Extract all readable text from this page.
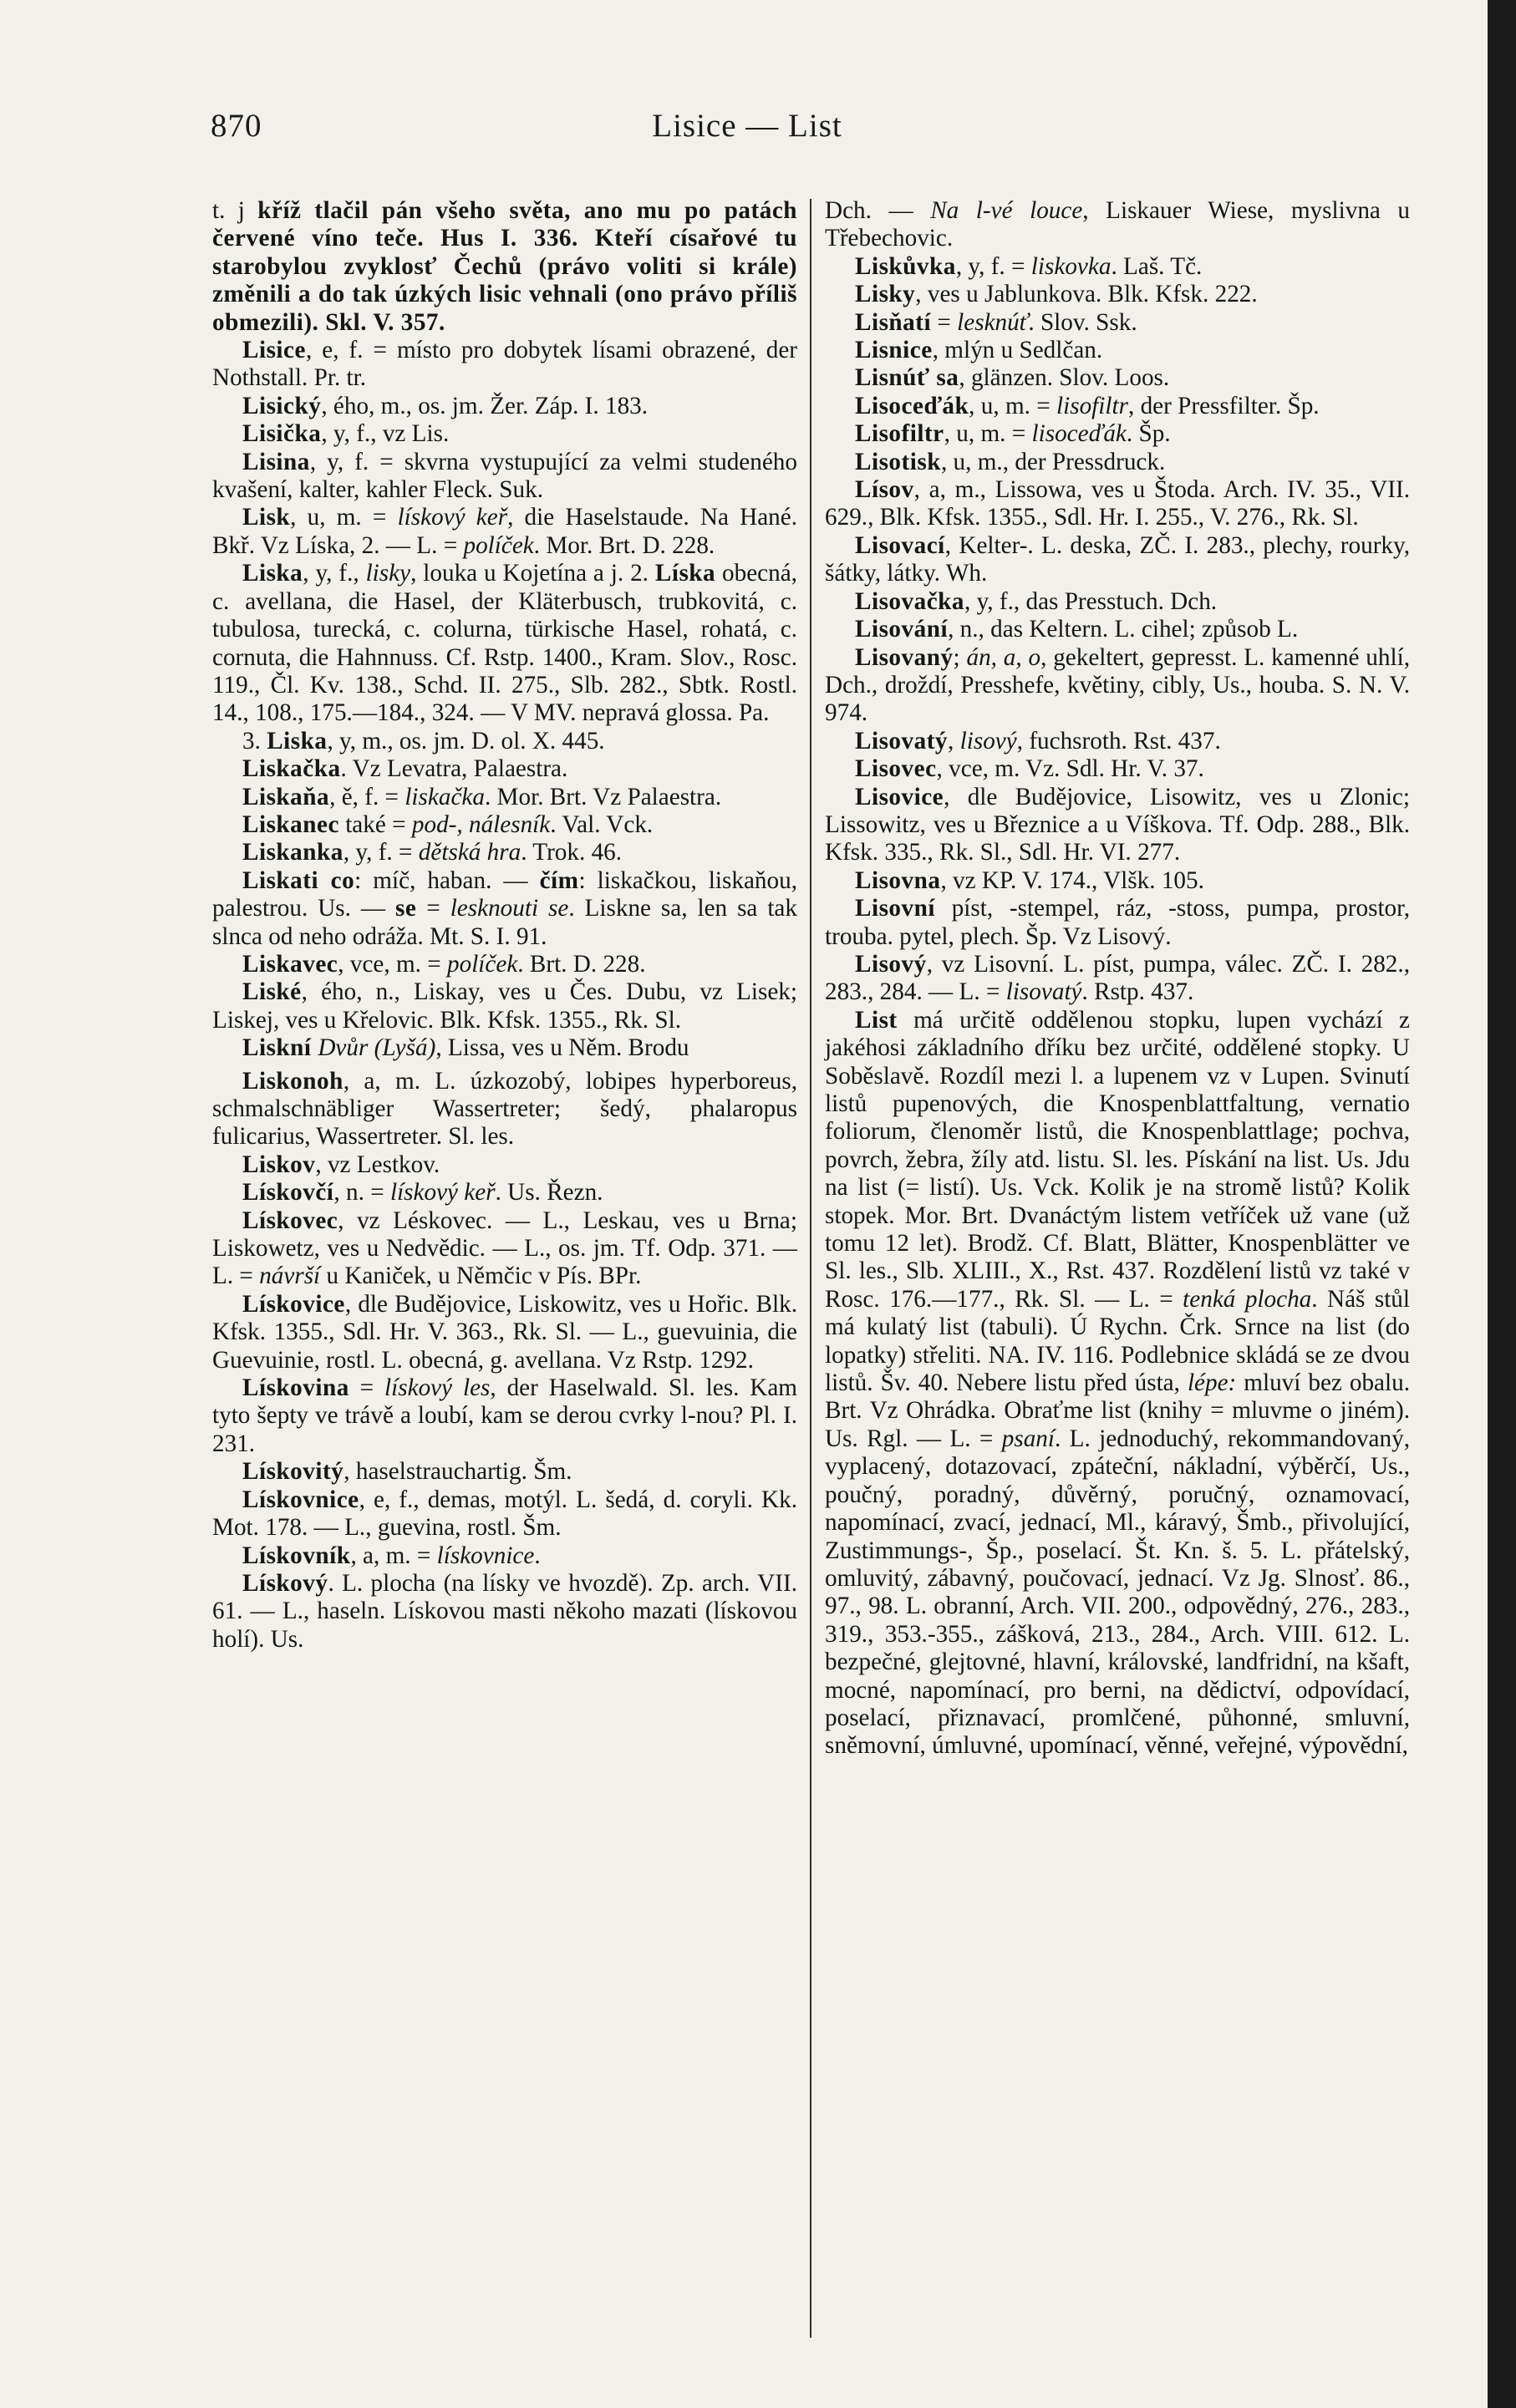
870	Lisice — List

t. j kříž tlačil pán všeho světa, ano mu po patách červené víno teče. Hus I. 336. Kteří císařové tu starobylou zvyklosť Čechů (právo voliti si krále) změnili a do tak úzkých lisic vehnali (ono právo příliš obmezili). Skl. V. 357.

Lisice, e, f. = místo pro dobytek lísami obrazené, der Nothstall. Pr. tr.

Lisický, ého, m., os. jm. Žer. Záp. I. 183.

Lisička, y, f., vz Lis.

Lisina, y, f. = skvrna vystupující za velmi studeného kvašení, kalter, kahler Fleck. Suk.

Lisk, u, m. = lískový keř, die Haselstaude. Na Hané. Bkř. Vz Líska, 2. — L. = políček. Mor. Brt. D. 228.

Liska, y, f., lisky, louka u Kojetína a j. 2. Líska obecná, c. avellana, die Hasel, der Kläterbusch, trubkovitá, c. tubulosa, turecká, c. colurna, türkische Hasel, rohatá, c. cornuta, die Hahnnuss. Cf. Rstp. 1400., Kram. Slov., Rosc. 119., Čl. Kv. 138., Schd. II. 275., Slb. 282., Sbtk. Rostl. 14., 108., 175.—184., 324. — V MV. nepravá glossa. Pa.

3. Liska, y, m., os. jm. D. ol. X. 445.

Liskačka. Vz Levatra, Palaestra.

Liskaňa, ě, f. = liskačka. Mor. Brt. Vz Palaestra.

Liskanec také = pod-, nálesník. Val. Vck.

Liskanka, y, f. = dětská hra. Trok. 46.

Liskati co: míč, haban. — čím: liskačkou, liskaňou, palestrou. Us. — se = lesknouti se. Liskne sa, len sa tak slnca od neho odráža. Mt. S. I. 91.

Liskavec, vce, m. = políček. Brt. D. 228.

Liské, ého, n., Liskay, ves u Čes. Dubu, vz Lisek; Liskej, ves u Křelovic. Blk. Kfsk. 1355., Rk. Sl.

Liskní Dvůr (Lyšá), Lissa, ves u Něm. Brodu

Liskonoh, a, m. L. úzkozobý, lobipes hyperboreus, schmalschnäbliger Wassertreter; šedý, phalaropus fulicarius, Wassertreter. Sl. les.

Liskov, vz Lestkov.

Lískovčí, n. = lískový keř. Us. Řezn.

Lískovec, vz Léskovec. — L., Leskau, ves u Brna; Liskowetz, ves u Nedvědic. — L., os. jm. Tf. Odp. 371. — L. = návrší u Kaniček, u Němčic v Pís. BPr.

Lískovice, dle Budějovice, Liskowitz, ves u Hořic. Blk. Kfsk. 1355., Sdl. Hr. V. 363., Rk. Sl. — L., guevuinia, die Guevuinie, rostl. L. obecná, g. avellana. Vz Rstp. 1292.

Lískovina = lískový les, der Haselwald. Sl. les. Kam tyto šepty ve trávě a loubí, kam se derou cvrky l-nou? Pl. I. 231.

Lískovitý, haselstrauchartig. Šm.

Lískovnice, e, f., demas, motýl. L. šedá, d. coryli. Kk. Mot. 178. — L., guevina, rostl. Šm.

Lískovník, a, m. = lískovnice.

Lískový. L. plocha (na lísky ve hvozdě). Zp. arch. VII. 61. — L., haseln. Lískovou masti někoho mazati (lískovou holí). Us.

Dch. — Na l-vé louce, Liskauer Wiese, myslivna u Třebechovic.

Liskůvka, y, f. = liskovka. Laš. Tč.

Lisky, ves u Jablunkova. Blk. Kfsk. 222.

Lisňatí = lesknúť. Slov. Ssk.

Lisnice, mlýn u Sedlčan.

Lisnúť sa, glänzen. Slov. Loos.

Lisoceďák, u, m. = lisofiltr, der Pressfilter. Šp.

Lisofiltr, u, m. = lisoceďák. Šp.

Lisotisk, u, m., der Pressdruck.

Lísov, a, m., Lissowa, ves u Štoda. Arch. IV. 35., VII. 629., Blk. Kfsk. 1355., Sdl. Hr. I. 255., V. 276., Rk. Sl.

Lisovací, Kelter-. L. deska, ZČ. I. 283., plechy, rourky, šátky, látky. Wh.

Lisovačka, y, f., das Presstuch. Dch.

Lisování, n., das Keltern. L. cihel; způsob L.

Lisovaný; án, a, o, gekeltert, gepresst. L. kamenné uhlí, Dch., droždí, Presshefe, květiny, cibly, Us., houba. S. N. V. 974.

Lisovatý, lisový, fuchsroth. Rst. 437.

Lisovec, vce, m. Vz. Sdl. Hr. V. 37.

Lisovice, dle Budějovice, Lisowitz, ves u Zlonic; Lissowitz, ves u Březnice a u Víškova. Tf. Odp. 288., Blk. Kfsk. 335., Rk. Sl., Sdl. Hr. VI. 277.

Lisovna, vz KP. V. 174., Vlšk. 105.

Lisovní píst, -stempel, ráz, -stoss, pumpa, prostor, trouba. pytel, plech. Šp. Vz Lisový.

Lisový, vz Lisovní. L. píst, pumpa, válec. ZČ. I. 282., 283., 284. — L. = lisovatý. Rstp. 437.

List má určitě oddělenou stopku, lupen vychází z jakéhosi základního dříku bez určité, oddělené stopky. U Soběslavě. Rozdíl mezi l. a lupenem vz v Lupen. Svinutí listů pupenových, die Knospenblattfaltung, vernatio foliorum, členoměr listů, die Knospenblattlage; pochva, povrch, žebra, žíly atd. listu. Sl. les. Pískání na list. Us. Jdu na list (= listí). Us. Vck. Kolik je na stromě listů? Kolik stopek. Mor. Brt. Dvanáctým listem vetříček už vane (už tomu 12 let). Brodž. Cf. Blatt, Blätter, Knospenblätter ve Sl. les., Slb. XLIII., X., Rst. 437. Rozdělení listů vz také v Rosc. 176.—177., Rk. Sl. — L. = tenká plocha. Náš stůl má kulatý list (tabuli). Ú Rychn. Črk. Srnce na list (do lopatky) střeliti. NA. IV. 116. Podlebnice skládá se ze dvou listů. Šv. 40. Nebere listu před ústa, lépe: mluví bez obalu. Brt. Vz Ohrádka. Obraťme list (knihy = mluvme o jiném). Us. Rgl. — L. = psaní. L. jednoduchý, rekommandovaný, vyplacený, dotazovací, zpáteční, nákladní, výběrčí, Us., poučný, poradný, důvěrný, poručný, oznamovací, napomínací, zvací, jednací, Ml., káravý, Šmb., přivolující, Zustimmungs-, Šp., poselací. Št. Kn. š. 5. L. přátelský, omluvitý, zábavný, poučovací, jednací. Vz Jg. Slnosť. 86., 97., 98. L. obranní, Arch. VII. 200., odpovědný, 276., 283., 319., 353.-355., zášková, 213., 284., Arch. VIII. 612. L. bezpečné, glejtovné, hlavní, královské, landfridní, na kšaft, mocné, napomínací, pro berni, na dědictví, odpovídací, poselací, přiznavací, promlčené, půhonné, smluvní, sněmovní, úmluvné, upomínací, věnné, veřejné, výpovědní,
